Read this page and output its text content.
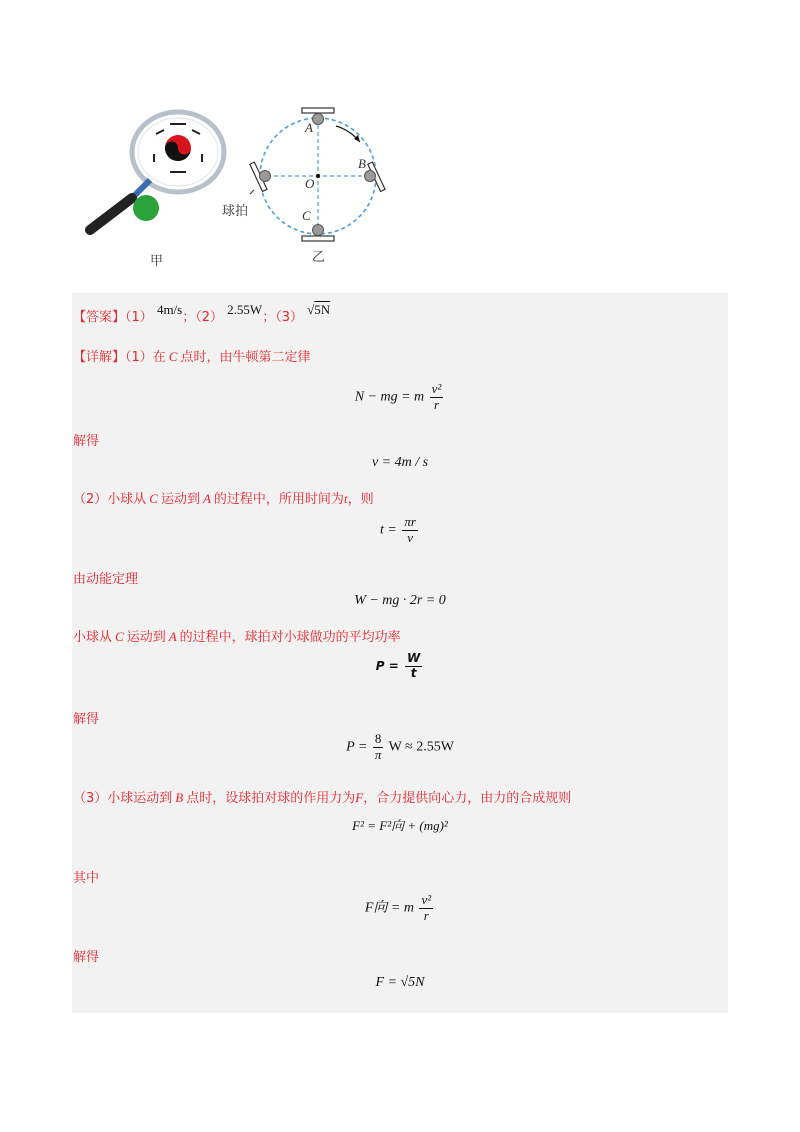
A
B
C
O
球拍
甲	乙
【答案】（1） 4m/s；（2） 2.55W；（3） √5N
【详解】（1）在 C 点时，由牛顿第二定律
N − mg = m $\frac{\text{v²}}{r}$
解得
v = 4m / s
（2）小球从 C 运动到 A 的过程中，所用时间为t，则
$t = \frac{\pi r}{v}$
由动能定理
W − mg · 2r = 0
小球从 C 运动到 A 的过程中，球拍对小球做功的平均功率
$P = \frac{W}{t}$
解得
$P = \frac{8}{\pi}$ W ≈ 2.55W
（3）小球运动到 B 点时，设球拍对球的作用力为F，合力提供向心力，由力的合成规则
F² = F²向 + (mg)²
其中
F向 = m $\frac{\text{v²}}{r}$
解得
F = √5N
